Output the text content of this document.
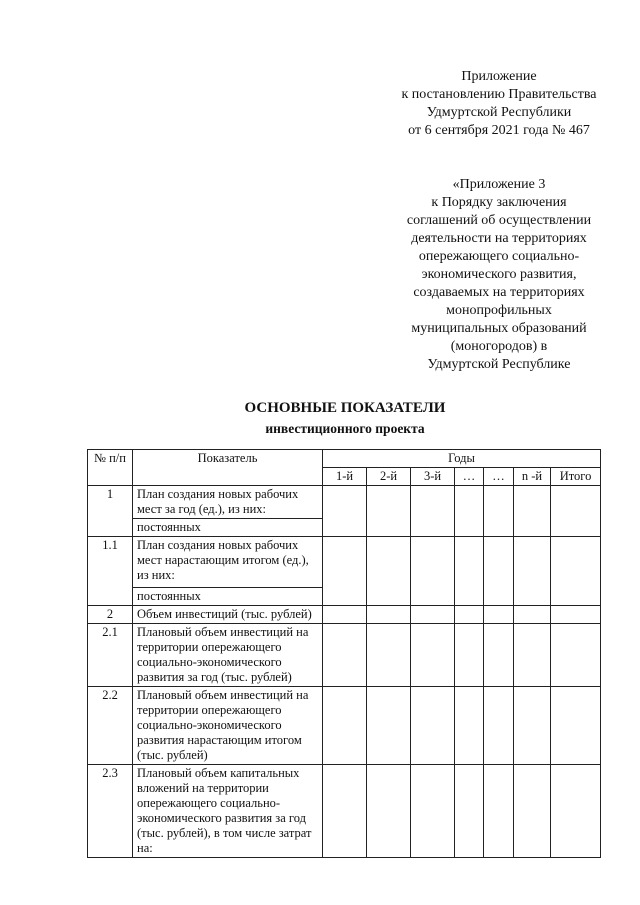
Приложение
к постановлению Правительства
Удмуртской Республики
от 6 сентября 2021 года № 467
«Приложение 3
к Порядку заключения
соглашений об осуществлении
деятельности на территориях
опережающего социально-
экономического развития,
создаваемых на территориях
монопрофильных
муниципальных образований
(моногородов) в
Удмуртской Республике
ОСНОВНЫЕ ПОКАЗАТЕЛИ
инвестиционного проекта
№ п/п	Показатель	Годы						
		1-й	2-й	3-й	…	…	n -й	Итого
1	План создания новых рабочих мест за год (ед.), из них:							
	постоянных							
1.1	План создания новых рабочих мест нарастающим итогом (ед.), из них:							
	постоянных							
2	Объем инвестиций (тыс. рублей)							
2.1	Плановый объем инвестиций на территории опережающего социально-экономического развития за год (тыс. рублей)							
2.2	Плановый объем инвестиций на территории опережающего социально-экономического развития нарастающим итогом (тыс. рублей)							
2.3	Плановый объем капитальных вложений на территории опережающего социально-экономического развития за год (тыс. рублей), в том числе затрат на:							
